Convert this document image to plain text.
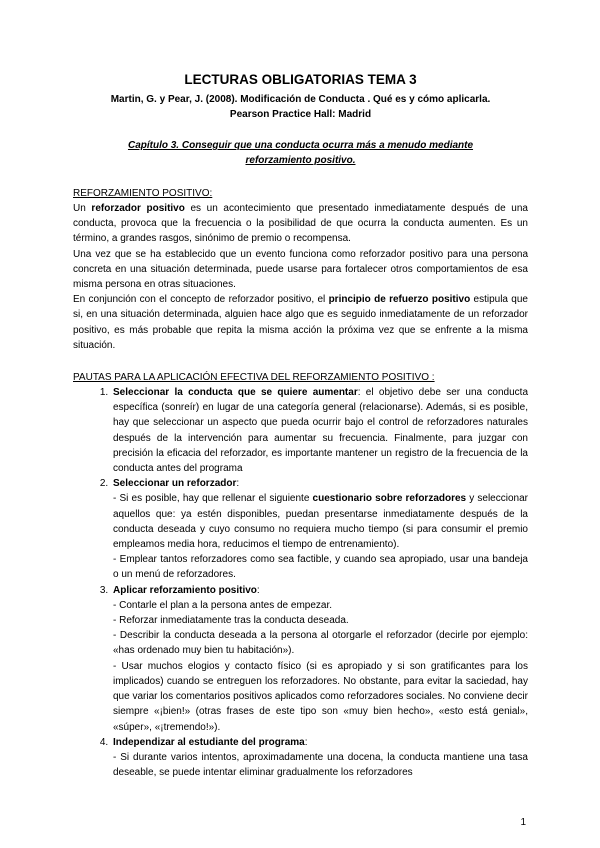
LECTURAS OBLIGATORIAS TEMA 3
Martin, G. y Pear, J. (2008). Modificación de Conducta . Qué es y cómo aplicarla.
Pearson Practice Hall: Madrid
Capítulo 3. Conseguir que una conducta ocurra más a menudo mediante
reforzamiento positivo.
REFORZAMIENTO POSITIVO:

Un reforzador positivo es un acontecimiento que presentado inmediatamente después de una conducta, provoca que la frecuencia o la posibilidad de que ocurra la conducta aumenten. Es un término, a grandes rasgos, sinónimo de premio o recompensa.

Una vez que se ha establecido que un evento funciona como reforzador positivo para una persona concreta en una situación determinada, puede usarse para fortalecer otros comportamientos de esa misma persona en otras situaciones.

En conjunción con el concepto de reforzador positivo, el principio de refuerzo positivo estipula que si, en una situación determinada, alguien hace algo que es seguido inmediatamente de un reforzador positivo, es más probable que repita la misma acción la próxima vez que se enfrente a la misma situación.

PAUTAS PARA LA APLICACIÓN EFECTIVA DEL REFORZAMIENTO POSITIVO :
1. Seleccionar la conducta que se quiere aumentar: el objetivo debe ser una conducta específica (sonreír) en lugar de una categoría general (relacionarse). Además, si es posible, hay que seleccionar un aspecto que pueda ocurrir bajo el control de reforzadores naturales después de la intervención para aumentar su frecuencia. Finalmente, para juzgar con precisión la eficacia del reforzador, es importante mantener un registro de la frecuencia de la conducta antes del programa
2. Seleccionar un reforzador:
- Si es posible, hay que rellenar el siguiente cuestionario sobre reforzadores y seleccionar aquellos que: ya estén disponibles, puedan presentarse inmediatamente después de la conducta deseada y cuyo consumo no requiera mucho tiempo (si para consumir el premio empleamos media hora, reducimos el tiempo de entrenamiento).
- Emplear tantos reforzadores como sea factible, y cuando sea apropiado, usar una bandeja o un menú de reforzadores.
3. Aplicar reforzamiento positivo:
- Contarle el plan a la persona antes de empezar.
- Reforzar inmediatamente tras la conducta deseada.
- Describir la conducta deseada a la persona al otorgarle el reforzador (decirle por ejemplo: «has ordenado muy bien tu habitación»).
- Usar muchos elogios y contacto físico (si es apropiado y si son gratificantes para los implicados) cuando se entreguen los reforzadores. No obstante, para evitar la saciedad, hay que variar los comentarios positivos aplicados como reforzadores sociales. No conviene decir siempre «¡bien!» (otras frases de este tipo son «muy bien hecho», «esto está genial», «súper», «¡tremendo!»).
4. Independizar al estudiante del programa:
- Si durante varios intentos, aproximadamente una docena, la conducta mantiene una tasa deseable, se puede intentar eliminar gradualmente los reforzadores
1
